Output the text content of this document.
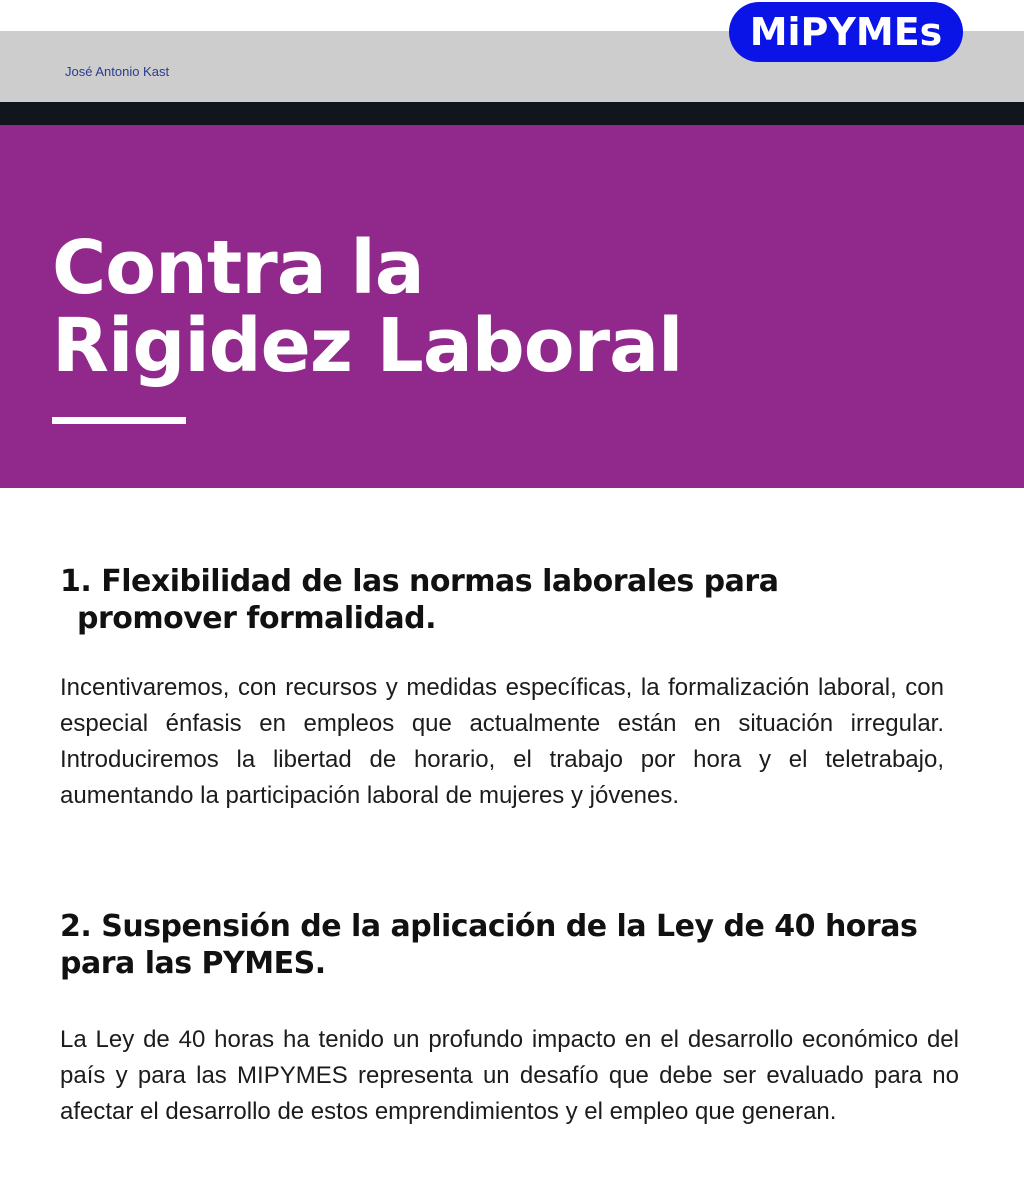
José Antonio Kast
MiPYMEs
Contra la
Rigidez Laboral
1. Flexibilidad de las normas laborales para
promover formalidad.

Incentivaremos, con recursos y medidas específicas, la formalización laboral, con especial énfasis en empleos que actualmente están en situación irregular. Introduciremos la libertad de horario, el trabajo por hora y el teletrabajo, aumentando la participación laboral de mujeres y jóvenes.

2. Suspensión de la aplicación de la Ley de 40 horas
para las PYMES.

La Ley de 40 horas ha tenido un profundo impacto en el desarrollo económico del país y para las MIPYMES representa un desafío que debe ser evaluado para no afectar el desarrollo de estos emprendimientos y el empleo que generan.
